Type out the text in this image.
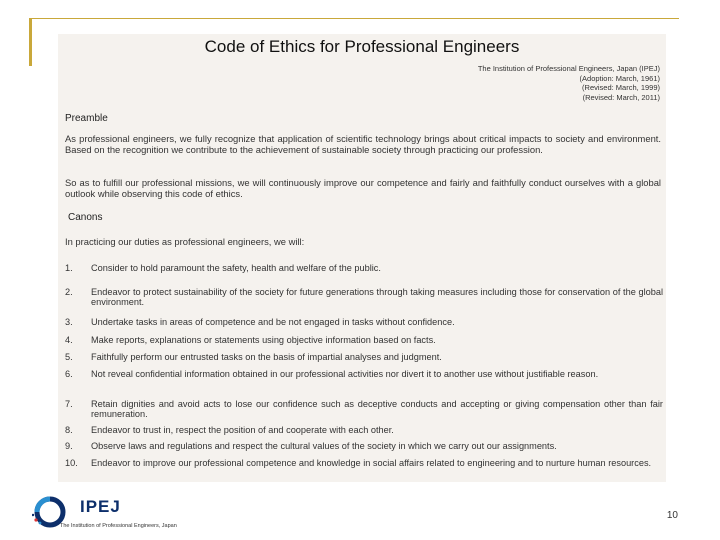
Code of Ethics for Professional Engineers
The Institution of Professional Engineers, Japan (IPEJ)
(Adoption: March, 1961)
(Revised: March, 1999)
(Revised: March, 2011)
Preamble
As professional engineers, we fully recognize that application of scientific technology brings about critical impacts to society and environment. Based on the recognition we contribute to the achievement of sustainable society through practicing our profession.
So as to fulfill our professional missions, we will continuously improve our competence and fairly and faithfully conduct ourselves with a global outlook while observing this code of ethics.
Canons
In practicing our duties as professional engineers, we will:
1.	Consider to hold paramount the safety, health and welfare of the public.
2.	Endeavor to protect sustainability of the society for future generations through taking measures including those for conservation of the global environment.
3.	Undertake tasks in areas of competence and be not engaged in tasks without confidence.
4.	Make reports, explanations or statements using objective information based on facts.
5.	Faithfully perform our entrusted tasks on the basis of impartial analyses and judgment.
6.	Not reveal confidential information obtained in our professional activities nor divert it to another use without justifiable reason.
7.	Retain dignities and avoid acts to lose our confidence such as deceptive conducts and accepting or giving compensation other than fair remuneration.
8.	Endeavor to trust in, respect the position of and cooperate with each other.
9.	Observe laws and regulations and respect the cultural values of the society in which we carry out our assignments.
10.	Endeavor to improve our professional competence and knowledge in social affairs related to engineering and to nurture human resources.
IPEJ
The Institution of Professional Engineers, Japan
10
